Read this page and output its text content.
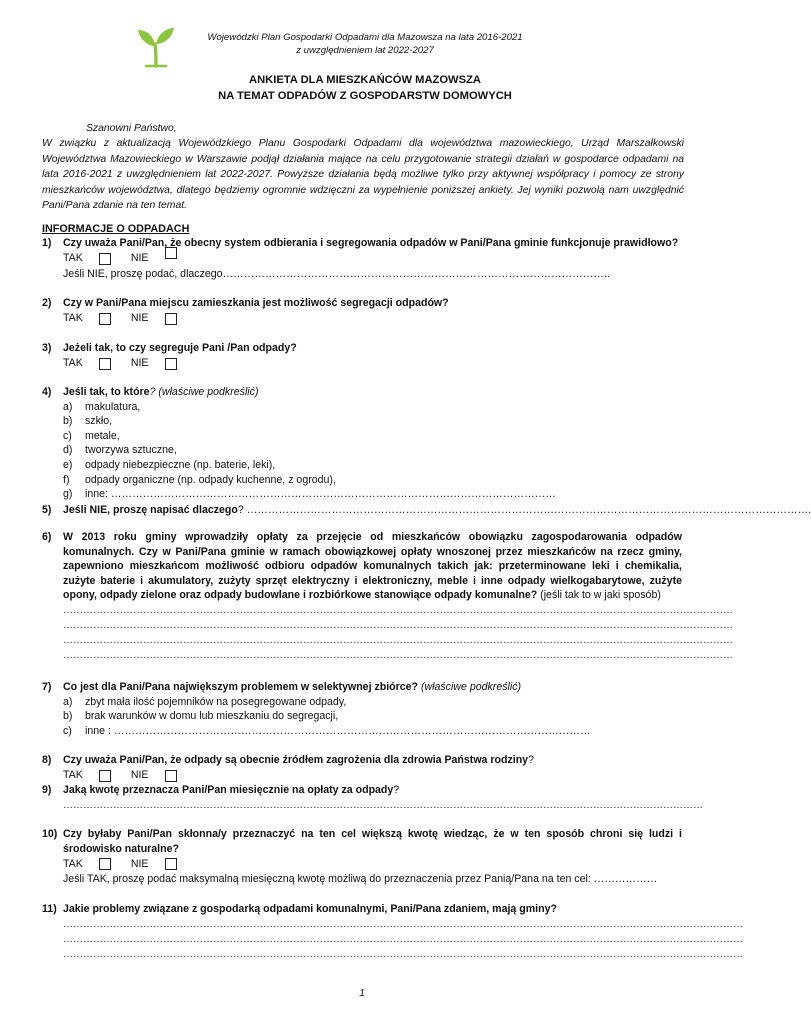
Wojewódzki Plan Gospodarki Odpadami dla Mazowsza na lata 2016-2021
z uwzględnieniem lat 2022-2027
ANKIETA DLA MIESZKAŃCÓW MAZOWSZA
NA TEMAT ODPADÓW Z GOSPODARSTW DOMOWYCH

Szanowni Państwo,

W związku z aktualizacją Wojewódzkiego Planu Gospodarki Odpadami dla województwa mazowieckiego, Urząd Marszałkowski Województwa Mazowieckiego w Warszawie podjął działania mające na celu przygotowanie strategii działań w gospodarce odpadami na lata 2016-2021 z uwzględnieniem lat 2022-2027. Powyższe działania będą możliwe tylko przy aktywnej współpracy i pomocy ze strony mieszkańców województwa, dlatego będziemy ogromnie wdzięczni za wypełnienie poniższej ankiety. Jej wyniki pozwolą nam uwzględnić Pani/Pana zdanie na ten temat.

INFORMACJE O ODPADACH
1) Czy uważa Pani/Pan, że obecny system odbierania i segregowania odpadów w Pani/Pana gminie funkcjonuje prawidłowo?
TAK	NIE
Jeśli NIE, proszę podać, dlaczego………………………………………………………………………………………………..
2) Czy w Pani/Pana miejscu zamieszkania jest możliwość segregacji odpadów?
TAK	NIE
3) Jeżeli tak, to czy segreguje Pani /Pan odpady?
TAK	NIE
4) Jeśli tak, to które? (właściwe podkreślić)
a)	makulatura,
b)	szkło,
c)	metale,
d)	tworzywa sztuczne,
e)	odpady niebezpieczne (np. baterie, leki),
f)	odpady organiczne (np. odpady kuchenne, z ogrodu),
g)	inne: ………………………………………………………………………………………………………………
5) Jeśli NIE, proszę napisać dlaczego? …………………………………………………………………………………………………………………………………………….
6) W 2013 roku gminy wprowadziły opłaty za przejęcie od mieszkańców obowiązku zagospodarowania odpadów komunalnych. Czy w Pani/Pana gminie w ramach obowiązkowej opłaty wnoszonej przez mieszkańców na rzecz gminy, zapewniono mieszkańcom możliwość odbioru odpadów komunalnych takich jak: przeterminowane leki i chemikalia, zużyte baterie i akumulatory, zużyty sprzęt elektryczny i elektroniczny, meble i inne odpady wielkogabarytowe, zużyte opony, odpady zielone oraz odpady budowlane i rozbiórkowe stanowiące odpady komunalne? (jeśli tak to w jaki sposób)
…………………………………………………………………………………………………………………………………………………………………………………
…………………………………………………………………………………………………………………………………………………………………………………
…………………………………………………………………………………………………………………………………………………………………………………
…………………………………………………………………………………………………………………………………………………………………………………
7) Co jest dla Pani/Pana największym problemem w selektywnej zbiórce? (właściwe podkreślić)
a)	zbyt mała ilość pojemników na posegregowane odpady,
b)	brak warunków w domu lub mieszkaniu do segregacji,
c)	inne : ………………………………………………………………………………………………………………………
8) Czy uważa Pani/Pan, że odpady są obecnie źródłem zagrożenia dla zdrowia Państwa rodziny?
TAK	NIE
9) Jaką kwotę przeznacza Pani/Pan miesięcznie na opłaty za odpady?
…………………………………………………………………………………………………………………………………………………………………………
10) Czy byłaby Pani/Pan skłonna/y przeznaczyć na ten cel większą kwotę wiedząc, że w ten sposób chroni się ludzi i środowisko naturalne?
TAK	NIE
Jeśli TAK, proszę podać maksymalną miesięczną kwotę możliwą do przeznaczenia przez Panią/Pana na ten cel: ………………
11) Jakie problemy związane z gospodarką odpadami komunalnymi, Pani/Pana zdaniem, mają gminy?
……………………………………………………………………………………………………………………………………………………………………………………
……………………………………………………………………………………………………………………………………………………………………………………
……………………………………………………………………………………………………………………………………………………………………………………
1
